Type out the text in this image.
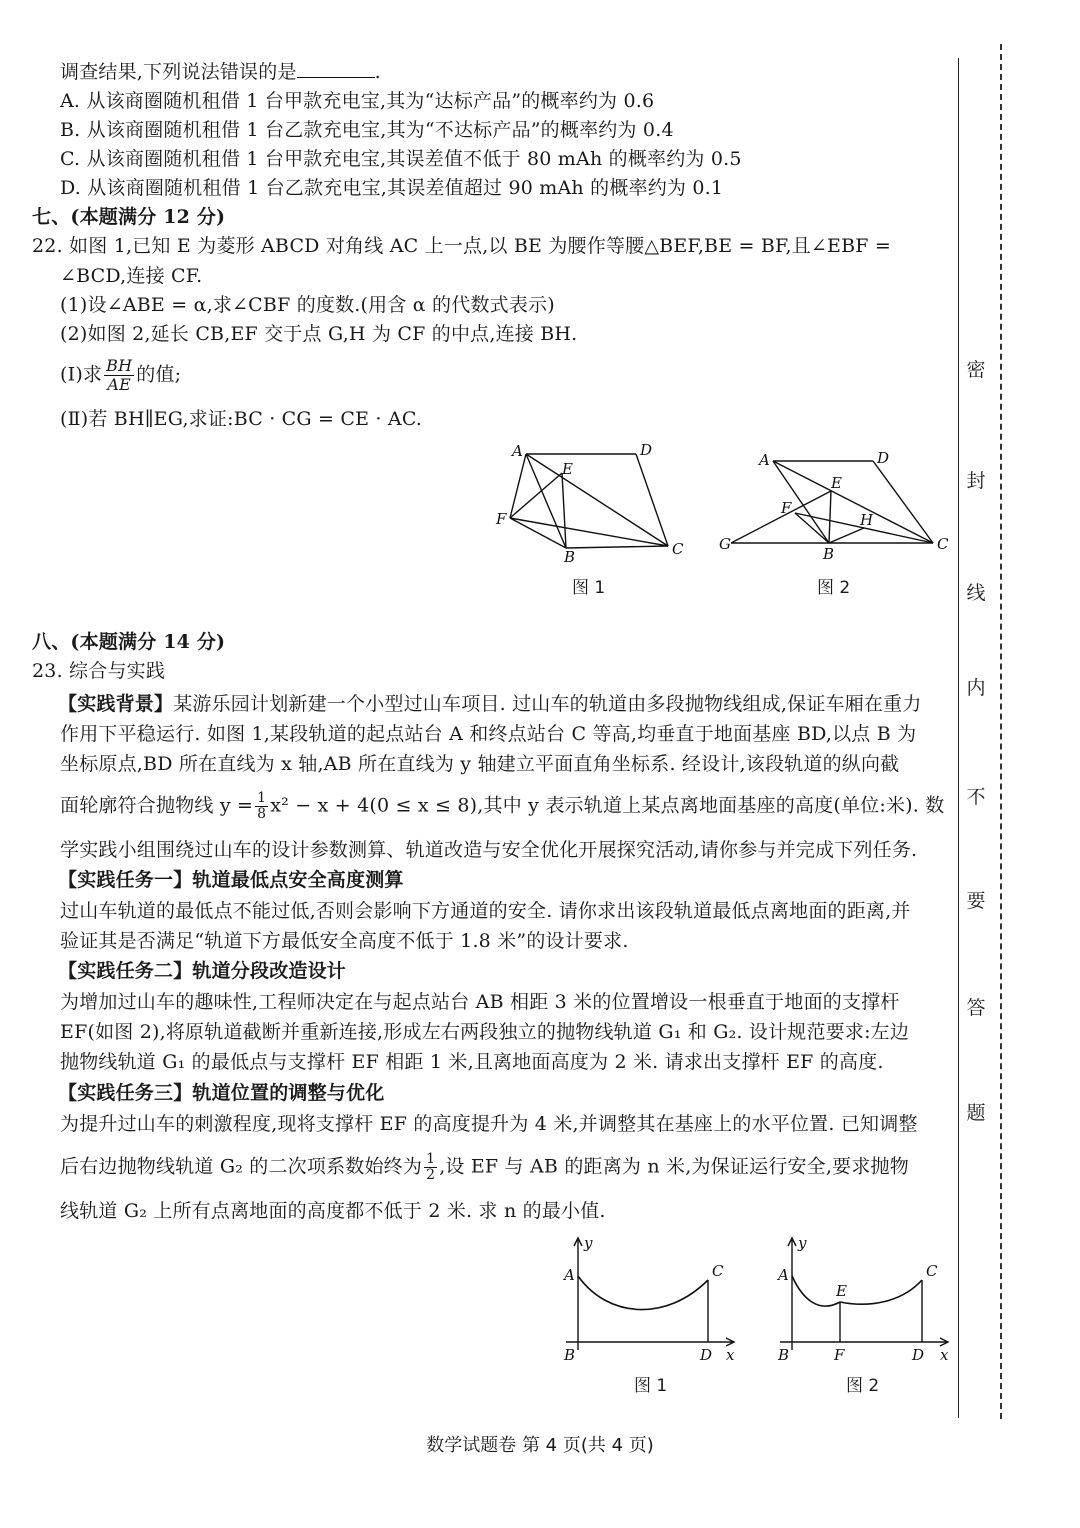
调查结果,下列说法错误的是	.
A. 从该商圈随机租借 1 台甲款充电宝,其为“达标产品”的概率约为 0.6
B. 从该商圈随机租借 1 台乙款充电宝,其为“不达标产品”的概率约为 0.4
C. 从该商圈随机租借 1 台甲款充电宝,其误差值不低于 80 mAh 的概率约为 0.5
D. 从该商圈随机租借 1 台乙款充电宝,其误差值超过 90 mAh 的概率约为 0.1
七、(本题满分 12 分)
22. 如图 1,已知 E 为菱形 ABCD 对角线 AC 上一点,以 BE 为腰作等腰△BEF,BE = BF,且∠EBF =
∠BCD,连接 CF.
(1)设∠ABE = α,求∠CBF 的度数.(用含 α 的代数式表示)
(2)如图 2,延长 CB,EF 交于点 G,H 为 CF 的中点,连接 BH.
(Ⅰ)求 $\frac{BH}{AE}$ 的值;
(Ⅱ)若 BH∥EG,求证:BC · CG = CE · AC.
A	D
E
F
B	C
图 1
A	D
E
F
H
G
B
C
图 2
八、(本题满分 14 分)
23. 综合与实践
【实践背景】某游乐园计划新建一个小型过山车项目. 过山车的轨道由多段抛物线组成,保证车厢在重力
作用下平稳运行. 如图 1,某段轨道的起点站台 A 和终点站台 C 等高,均垂直于地面基座 BD,以点 B 为
坐标原点,BD 所在直线为 x 轴,AB 所在直线为 y 轴建立平面直角坐标系. 经设计,该段轨道的纵向截
面轮廓符合抛物线 $y = \frac{1}{8} x^2 - x + 4(0 \le x \le 8)$,其中 y 表示轨道上某点离地面基座的高度(单位:米). 数
学实践小组围绕过山车的设计参数测算、轨道改造与安全优化开展探究活动,请你参与并完成下列任务.
【实践任务一】轨道最低点安全高度测算
过山车轨道的最低点不能过低,否则会影响下方通道的安全. 请你求出该段轨道最低点离地面的距离,并
验证其是否满足“轨道下方最低安全高度不低于 1.8 米”的设计要求.
【实践任务二】轨道分段改造设计
为增加过山车的趣味性,工程师决定在与起点站台 AB 相距 3 米的位置增设一根垂直于地面的支撑杆
EF(如图 2),将原轨道截断并重新连接,形成左右两段独立的抛物线轨道 G₁ 和 G₂. 设计规范要求:左边
抛物线轨道 G₁ 的最低点与支撑杆 EF 相距 1 米,且离地面高度为 2 米. 请求出支撑杆 EF 的高度.
【实践任务三】轨道位置的调整与优化
为提升过山车的刺激程度,现将支撑杆 EF 的高度提升为 4 米,并调整其在基座上的水平位置. 已知调整
后右边抛物线轨道 G₂ 的二次项系数始终为 $\frac{1}{2}$ ,设 EF 与 AB 的距离为 n 米,为保证运行安全,要求抛物
线轨道 G₂ 上所有点离地面的高度都不低于 2 米. 求 n 的最小值.
y
x
A	C
B	D
图 1
y
x
A	C
E
B	F	D
图 2
密
封
线
内
不
要
答
题
数学试题卷 第 4 页(共 4 页)
